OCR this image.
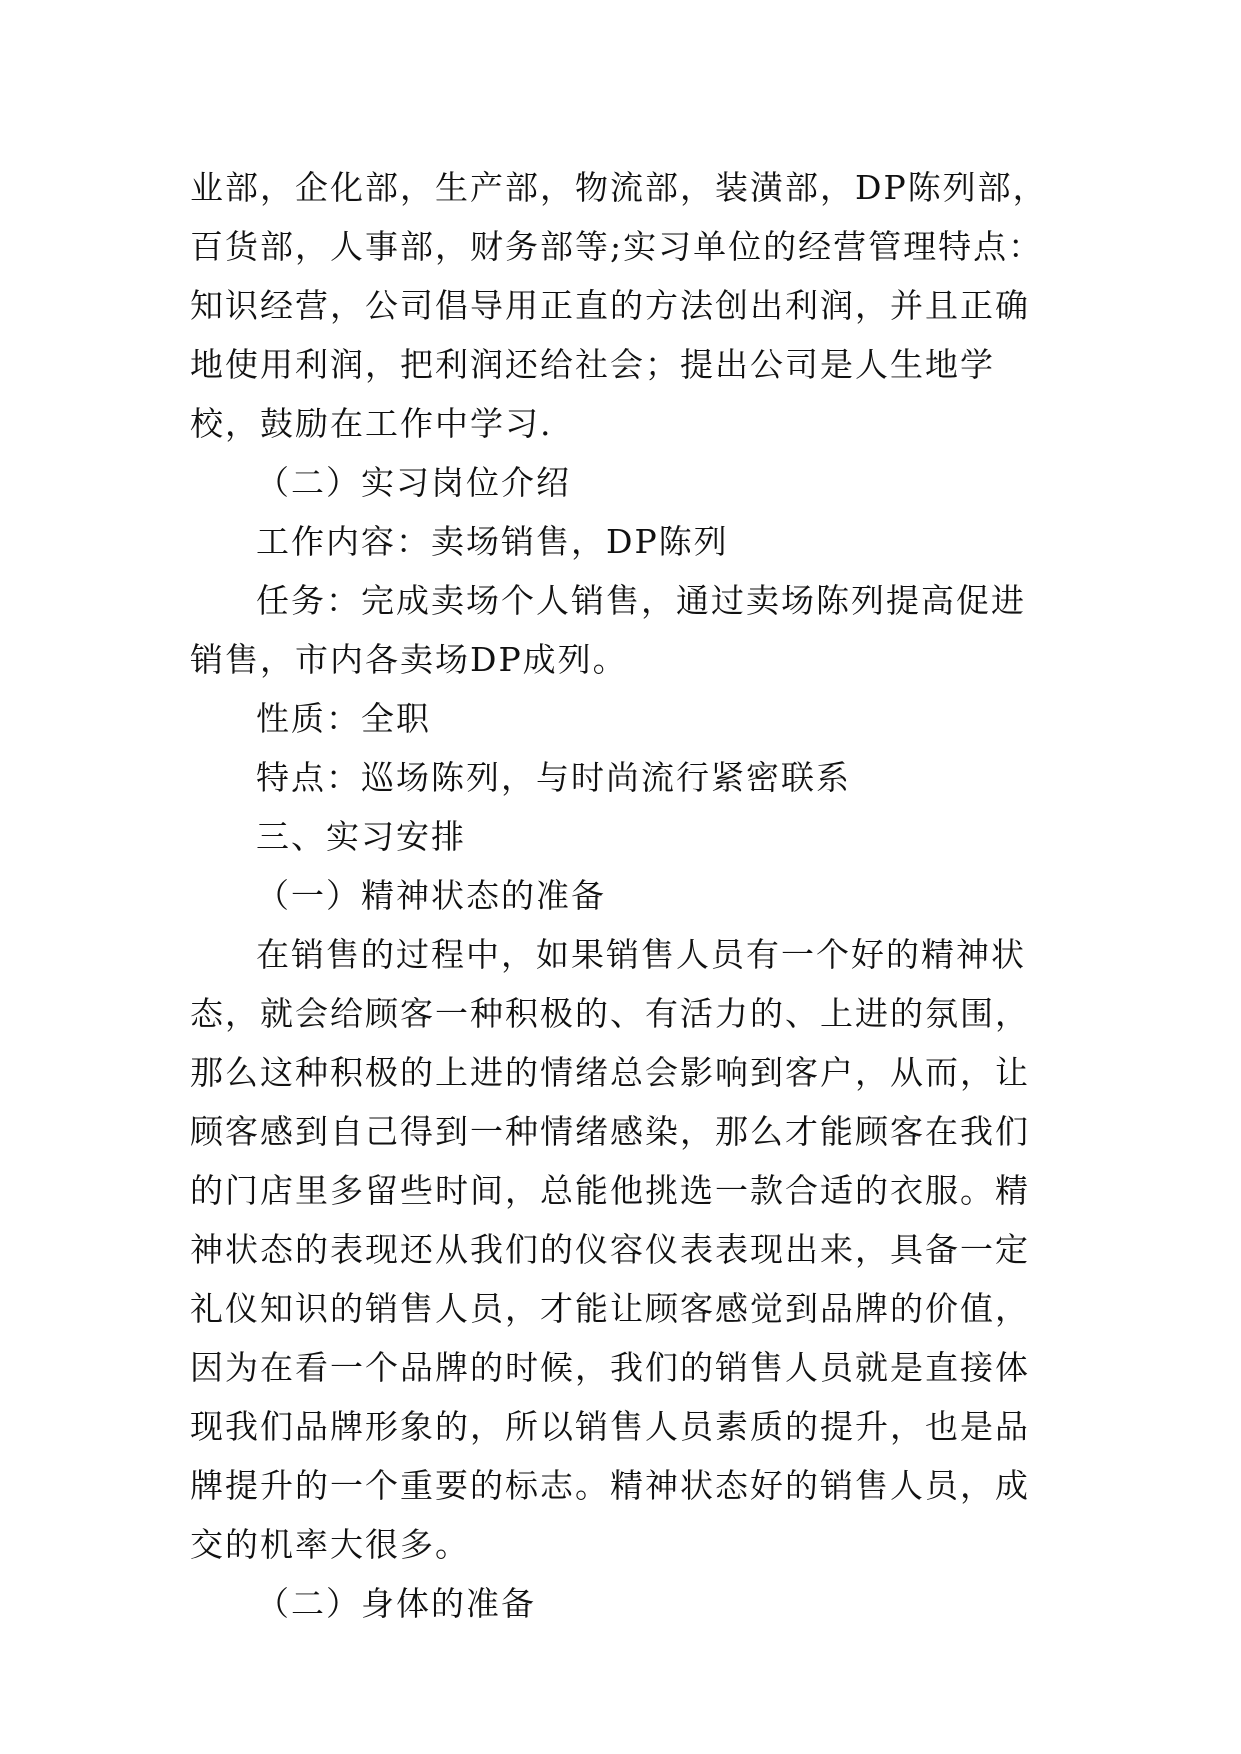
业部，企化部，生产部，物流部，装潢部，DP陈列部，百货部，人事部，财务部等;实习单位的经营管理特点：知识经营，公司倡导用正直的方法创出利润，并且正确地使用利润，把利润还给社会；提出公司是人生地学校，鼓励在工作中学习.

（二）实习岗位介绍

工作内容：卖场销售，DP陈列

任务：完成卖场个人销售，通过卖场陈列提高促进销售，市内各卖场DP成列。

性质：全职

特点：巡场陈列，与时尚流行紧密联系

三、实习安排

（一）精神状态的准备

在销售的过程中，如果销售人员有一个好的精神状态，就会给顾客一种积极的、有活力的、上进的氛围，那么这种积极的上进的情绪总会影响到客户，从而，让顾客感到自己得到一种情绪感染，那么才能顾客在我们的门店里多留些时间，总能他挑选一款合适的衣服。精神状态的表现还从我们的仪容仪表表现出来，具备一定礼仪知识的销售人员，才能让顾客感觉到品牌的价值，因为在看一个品牌的时候，我们的销售人员就是直接体现我们品牌形象的，所以销售人员素质的提升，也是品牌提升的一个重要的标志。精神状态好的销售人员，成交的机率大很多。

（二）身体的准备
